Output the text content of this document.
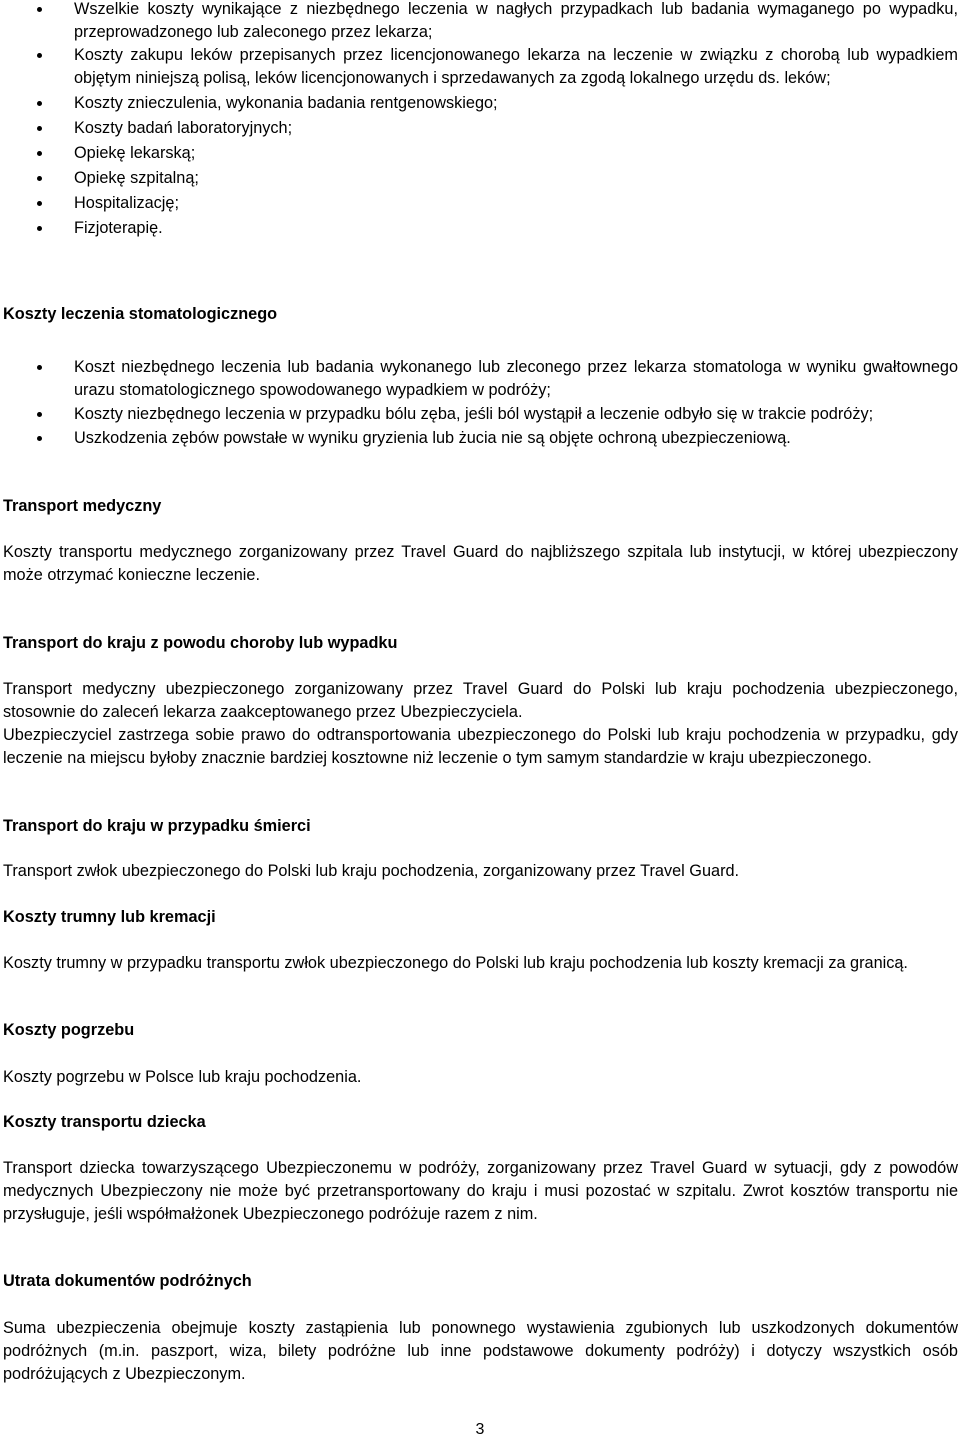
Wszelkie koszty wynikające z niezbędnego leczenia w nagłych przypadkach lub badania wymaganego po wypadku, przeprowadzonego lub zaleconego przez lekarza;
Koszty zakupu leków przepisanych przez licencjonowanego lekarza na leczenie w związku z chorobą lub wypadkiem objętym niniejszą polisą, leków licencjonowanych i sprzedawanych za zgodą lokalnego urzędu ds. leków;
Koszty znieczulenia, wykonania badania rentgenowskiego;
Koszty badań laboratoryjnych;
Opiekę lekarską;
Opiekę szpitalną;
Hospitalizację;
Fizjoterapię.
Koszty leczenia stomatologicznego
Koszt niezbędnego leczenia lub badania wykonanego lub zleconego przez lekarza stomatologa w wyniku gwałtownego urazu stomatologicznego spowodowanego wypadkiem w podróży;
Koszty niezbędnego leczenia w przypadku bólu zęba, jeśli ból wystąpił a leczenie odbyło się w trakcie podróży;
Uszkodzenia zębów powstałe w wyniku gryzienia lub żucia nie są objęte ochroną ubezpieczeniową.
Transport medyczny

Koszty transportu medycznego zorganizowany przez Travel Guard do najbliższego szpitala lub instytucji, w której ubezpieczony może otrzymać konieczne leczenie.

Transport do kraju z powodu choroby lub wypadku

Transport medyczny ubezpieczonego zorganizowany przez Travel Guard do Polski lub kraju pochodzenia ubezpieczonego, stosownie do zaleceń lekarza zaakceptowanego przez Ubezpieczyciela.

Ubezpieczyciel zastrzega sobie prawo do odtransportowania ubezpieczonego do Polski lub kraju pochodzenia w przypadku, gdy leczenie na miejscu byłoby znacznie bardziej kosztowne niż leczenie o tym samym standardzie w kraju ubezpieczonego.

Transport do kraju w przypadku śmierci

Transport zwłok ubezpieczonego do Polski lub kraju pochodzenia, zorganizowany przez Travel Guard.

Koszty trumny lub kremacji

Koszty trumny w przypadku transportu zwłok ubezpieczonego do Polski lub kraju pochodzenia lub koszty kremacji za granicą.

Koszty pogrzebu

Koszty pogrzebu w Polsce lub kraju pochodzenia.

Koszty transportu dziecka

Transport dziecka towarzyszącego Ubezpieczonemu w podróży, zorganizowany przez Travel Guard w sytuacji, gdy z powodów medycznych Ubezpieczony nie może być przetransportowany do kraju i musi pozostać w szpitalu. Zwrot kosztów transportu nie przysługuje, jeśli współmałżonek Ubezpieczonego podróżuje razem z nim.

Utrata dokumentów podróżnych

Suma ubezpieczenia obejmuje koszty zastąpienia lub ponownego wystawienia zgubionych lub uszkodzonych dokumentów podróżnych (m.in. paszport, wiza, bilety podróżne lub inne podstawowe dokumenty podróży) i dotyczy wszystkich osób podróżujących z Ubezpieczonym.

3
